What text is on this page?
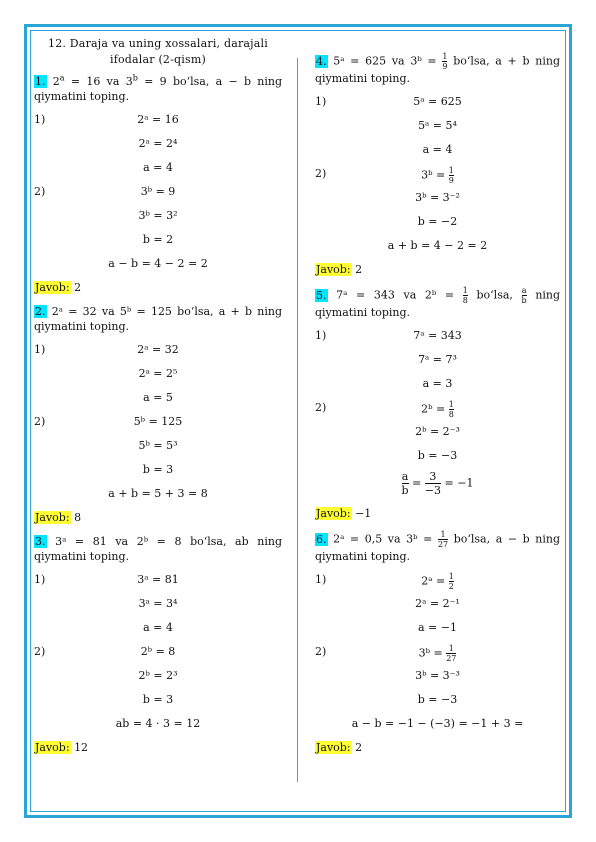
12. Daraja va uning xossalari, darajali
ifodalar (2-qism)
1. $2^a = 16$ va $3^b = 9$ bo‘lsa, a − b ning qiymatini toping.
1)	2ᵃ = 16
2ᵃ = 2⁴
a = 4
2)	3ᵇ = 9
3ᵇ = 3²
b = 2
a − b = 4 − 2 = 2
Javob: 2
2. 2ᵃ = 32 va 5ᵇ = 125 bo‘lsa, a + b ning qiymatini toping.
1)	2ᵃ = 32
2ᵃ = 2⁵
a = 5
2)	5ᵇ = 125
5ᵇ = 5³
b = 3
a + b = 5 + 3 = 8
Javob: 8
3. 3ᵃ = 81 va 2ᵇ = 8 bo‘lsa, ab ning qiymatini toping.
1)	3ᵃ = 81
3ᵃ = 3⁴
a = 4
2)	2ᵇ = 8
2ᵇ = 2³
b = 3
ab = 4 · 3 = 12
Javob: 12
4. 5ᵃ = 625 va 3ᵇ = $\frac{1}{9}$ bo‘lsa, a + b ning qiymatini toping.
1)	5ᵃ = 625
5ᵃ = 5⁴
a = 4
2)	3ᵇ = $\frac{1}{9}$
3ᵇ = 3⁻²
b = −2
a + b = 4 − 2 = 2
Javob: 2
5. 7ᵃ = 343 va 2ᵇ = $\frac{1}{8}$ bo‘lsa, $\frac{a}{b}$ ning qiymatini toping.
1)	7ᵃ = 343
7ᵃ = 7³
a = 3
2)	2ᵇ = $\frac{1}{8}$
2ᵇ = 2⁻³
b = −3
$\frac{a}{b} = \frac{3}{-3} = -1$
Javob: −1
6. 2ᵃ = 0,5 va 3ᵇ = $\frac{1}{27}$ bo‘lsa, a − b ning qiymatini toping.
1)	2ᵃ = $\frac{1}{2}$
2ᵃ = 2⁻¹
a = −1
2)	3ᵇ = $\frac{1}{27}$
3ᵇ = 3⁻³
b = −3
a − b = −1 − (−3) = −1 + 3 =
Javob: 2
